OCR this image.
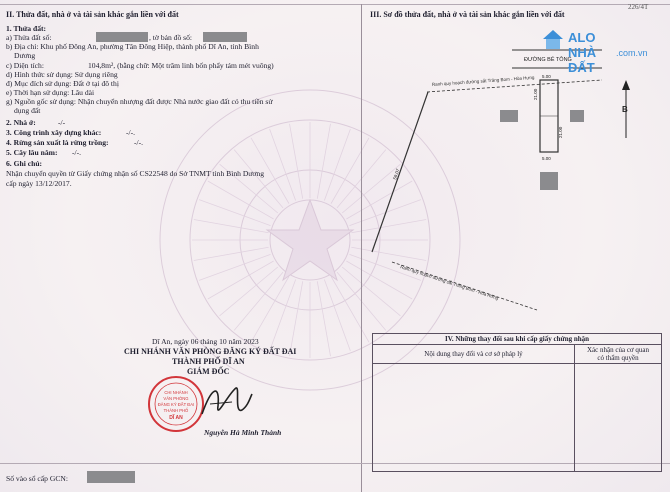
II. Thửa đất, nhà ở và tài sản khác gắn liền với đất
1. Thửa đất:
a) Thửa đất số:	, tờ bản đồ số:
b) Địa chỉ: Khu phố Đông An, phường Tân Đông Hiệp, thành phố Dĩ An, tỉnh Bình
Dương
c) Diện tích:	104,8m², (bằng chữ: Một trăm linh bốn phẩy tám mét vuông)
d) Hình thức sử dụng: Sử dụng riêng
đ) Mục đích sử dụng: Đất ở tại đô thị
e) Thời hạn sử dụng: Lâu dài
g) Nguồn gốc sử dụng: Nhận chuyển nhượng đất được Nhà nước giao đất có thu tiền sử
dụng đất
2. Nhà ở:	-/-
3. Công trình xây dựng khác:	-/-.
4. Rừng sản xuất là rừng trồng:	-/-.
5. Cây lâu năm: -/-.
6. Ghi chú:
Nhận chuyển quyền từ Giấy chứng nhận số CS22548 do Sở TNMT tỉnh Bình Dương
cấp ngày 13/12/2017.
Dĩ An, ngày 06 tháng 10 năm 2023
CHI NHÁNH VĂN PHÒNG ĐĂNG KÝ ĐẤT ĐAI
THÀNH PHỐ DĨ AN
GIÁM ĐỐC
CHI NHÁNH
VĂN PHÒNG
ĐĂNG KÝ ĐẤT ĐAI
THÀNH PHỐ
DĨ AN
Nguyễn Hà Minh Thành
Số vào sổ cấp GCN:
III. Sơ đồ thửa đất, nhà ở và tài sản khác gắn liền với đất
226/4T
ĐƯỜNG BÊ TÔNG
Ranh quy hoạch đường sắt Trảng Bom - Hòa Hưng
Ranh quy hoạch đường sắt Trảng Bom - Hòa Hưng
5.00
5.00
21.00
21.00
59.07
B
ALO NHÀ ĐẤT
.com.vn
IV. Những thay đổi sau khi cấp giấy chứng nhận	
Nội dung thay đổi và cơ sở pháp lý	Xác nhận của cơ quan
có thẩm quyền
